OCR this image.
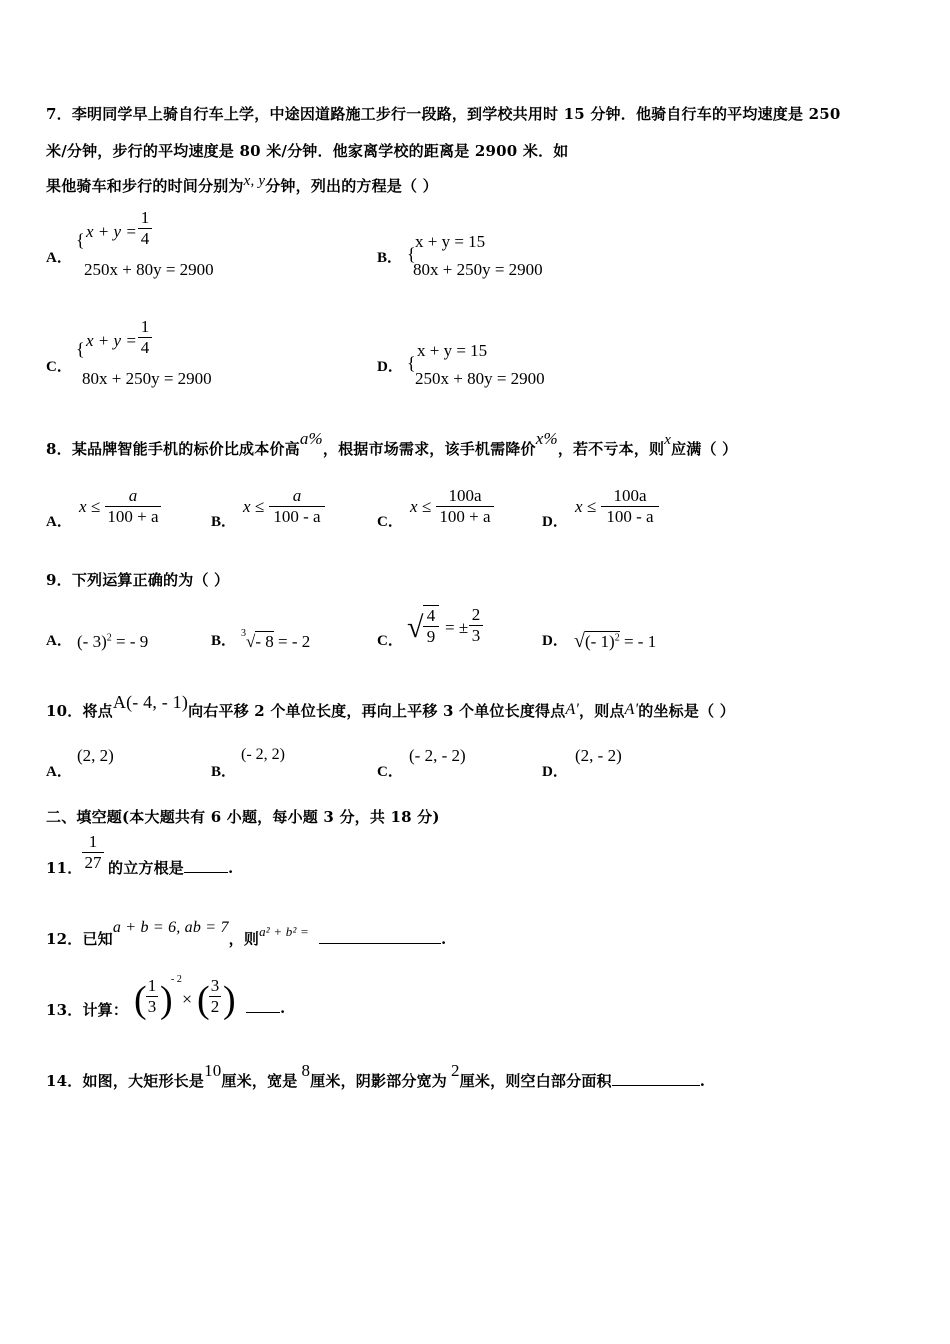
7．李明同学早上骑自行车上学，中途因道路施工步行一段路，到学校共用时 15 分钟．他骑自行车的平均速度是 250
米/分钟，步行的平均速度是 80 米/分钟．他家离学校的距离是 2900 米．如
果他骑车和步行的时间分别为x, y分钟，列出的方程是（ ）
A．
{ x + y =
1
4
250x + 80y = 2900
B． {
x + y = 15
80x + 250y = 2900
C．
{ x + y =
1
4
80x + 250y = 2900
D． {
x + y = 15
250x + 80y = 2900
8．某品牌智能手机的标价比成本价高a%，根据市场需求，该手机需降价x%，若不亏本，则x应满（ ）
A．
x ≤
a
100 + a	B．
x ≤
a
100 - a	C．
x ≤
100a
100 + a	D．
x ≤
100a
100 - a
9．下列运算正确的为（ ）
A． (- 3)$^2$ = - 9	B． $^3$√- 8 = - 2	C． √ 4
9 = ±
2
3	D． √(- 1)$^2$ = - 1
10．将点A(- 4, - 1)向右平移 2 个单位长度，再向上平移 3 个单位长度得点A'，则点A'的坐标是（ ）
A．
(2, 2)
B．
(- 2, 2)
C．
(- 2, - 2)
D．
(2, - 2)
二、填空题(本大题共有 6 小题，每小题 3 分，共 18 分)
11．
1
27 的立方根是	.
12．已知a + b = 6, ab = 7，则a² + b² =	.
13．计算： ( 1
3 )
- 2
× ( 3
2 )	.
14．如图，大矩形长是10厘米，宽是8厘米，阴影部分宽为2厘米，则空白部分面积	.
